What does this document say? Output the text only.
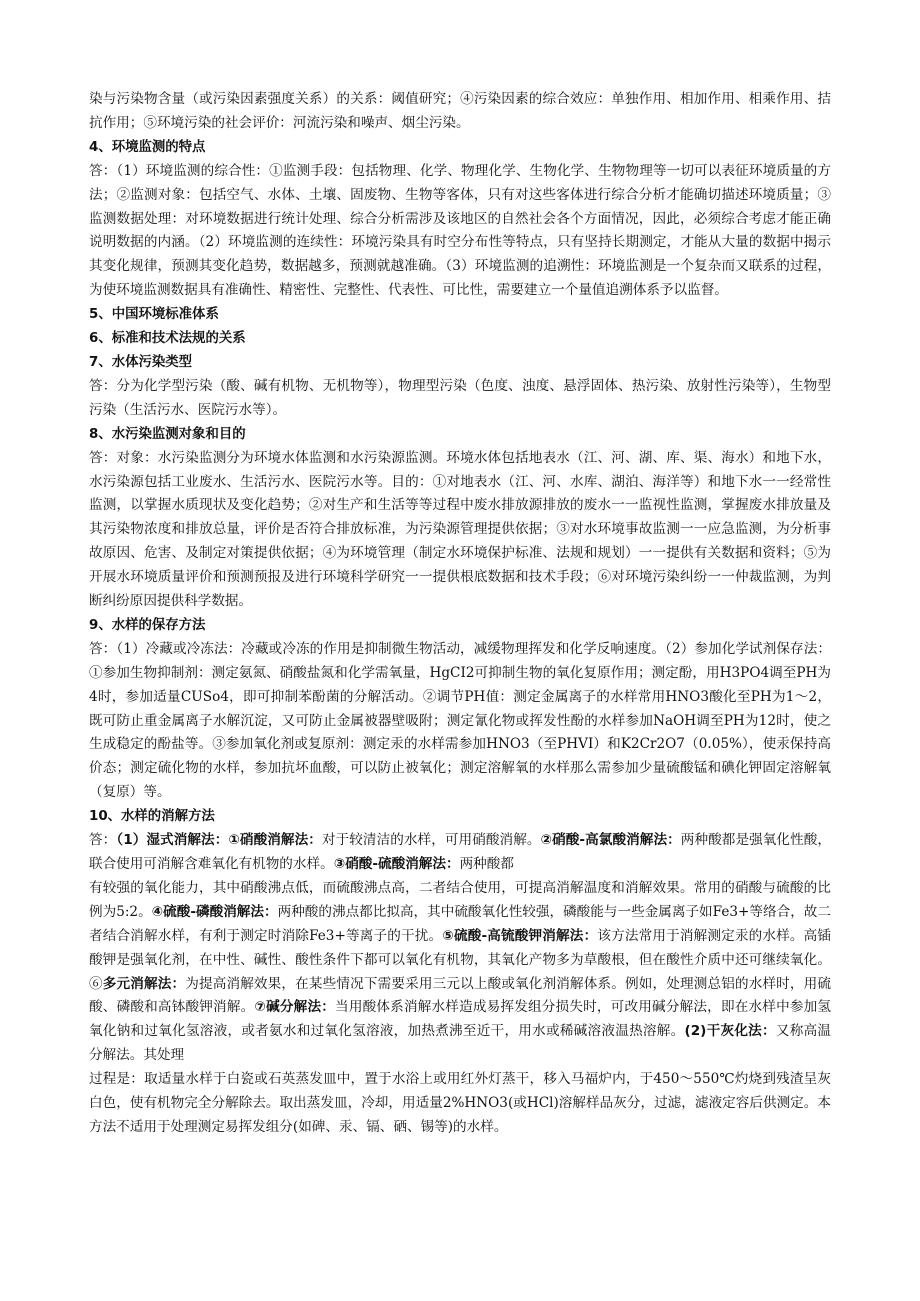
染与污染物含量（或污染因素强度关系）的关系：阈值研究；④污染因素的综合效应：单独作用、相加作用、相乘作用、拮抗作用；⑤环境污染的社会评价：河流污染和噪声、烟尘污染。

4、环境监测的特点

答：（1）环境监测的综合性：①监测手段：包括物理、化学、物理化学、生物化学、生物物理等一切可以表征环境质量的方法；②监测对象：包括空气、水体、土壤、固废物、生物等客体，只有对这些客体进行综合分析才能确切描述环境质量；③监测数据处理：对环境数据进行统计处理、综合分析需涉及该地区的自然社会各个方面情况，因此，必须综合考虑才能正确说明数据的内涵。（2）环境监测的连续性：环境污染具有时空分布性等特点，只有坚持长期测定，才能从大量的数据中揭示其变化规律，预测其变化趋势，数据越多，预测就越准确。（3）环境监测的追溯性：环境监测是一个复杂而又联系的过程，为使环境监测数据具有准确性、精密性、完整性、代表性、可比性，需要建立一个量值追溯体系予以监督。

5、中国环境标准体系
6、标准和技术法规的关系
7、水体污染类型

答：分为化学型污染（酸、碱有机物、无机物等），物理型污染（色度、浊度、悬浮固体、热污染、放射性污染等），生物型污染（生活污水、医院污水等）。

8、水污染监测对象和目的

答：对象：水污染监测分为环境水体监测和水污染源监测。环境水体包括地表水（江、河、湖、库、渠、海水）和地下水，水污染源包括工业废水、生活污水、医院污水等。目的：①对地表水（江、河、水库、湖泊、海洋等）和地下水一一经常性监测，以掌握水质现状及变化趋势；②对生产和生活等等过程中废水排放源排放的废水一一监视性监测，掌握废水排放量及其污染物浓度和排放总量，评价是否符合排放标准，为污染源管理提供依据；③对水环境事故监测一一应急监测，为分析事故原因、危害、及制定对策提供依据；④为环境管理（制定水环境保护标准、法规和规划）一一提供有关数据和资料；⑤为开展水环境质量评价和预测预报及进行环境科学研究一一提供根底数据和技术手段；⑥对环境污染纠纷一一仲裁监测，为判断纠纷原因提供科学数据。

9、水样的保存方法

答：（1）冷藏或冷冻法：冷藏或冷冻的作用是抑制微生物活动，减缓物理挥发和化学反响速度。（2）参加化学试剂保存法：①参加生物抑制剂：测定氨氮、硝酸盐氮和化学需氧量，HgCI2可抑制生物的氧化复原作用；测定酚，用H3PO4调至PH为4时，参加适量CUSo4，即可抑制苯酚菌的分解活动。②调节PH值：测定金属离子的水样常用HNO3酸化至PH为1～2，既可防止重金属离子水解沉淀，又可防止金属被器壁吸附；测定氰化物或挥发性酚的水样参加NaOH调至PH为12时，使之生成稳定的酚盐等。③参加氧化剂或复原剂：测定汞的水样需参加HNO3（至PHVI）和K2Cr2O7（0.05%），使汞保持高价态；测定硫化物的水样，参加抗坏血酸，可以防止被氧化；测定溶解氧的水样那么需参加少量硫酸锰和碘化钾固定溶解氧（复原）等。

10、水样的消解方法

答：（1）湿式消解法：①硝酸消解法：对于较清洁的水样，可用硝酸消解。②硝酸-高氯酸消解法：两种酸都是强氧化性酸，联合使用可消解含难氧化有机物的水样。③硝酸-硫酸消解法：两种酸都

有较强的氧化能力，其中硝酸沸点低，而硫酸沸点高，二者结合使用，可提高消解温度和消解效果。常用的硝酸与硫酸的比例为5:2。④硫酸-磷酸消解法：两种酸的沸点都比拟高，其中硫酸氧化性较强，磷酸能与一些金属离子如Fe3+等络合，故二者结合消解水样，有利于测定时消除Fe3+等离子的干扰。⑤硫酸-高锍酸钾消解法：该方法常用于消解测定汞的水样。高锸酸钾是强氧化剂，在中性、碱性、酸性条件下都可以氧化有机物，其氧化产物多为草酸根，但在酸性介质中还可继续氧化。⑥多元消解法：为提高消解效果，在某些情况下需要采用三元以上酸或氧化剂消解体系。例如，处理测总铝的水样时，用硫酸、磷酸和高钵酸钾消解。⑦碱分解法：当用酸体系消解水样造成易挥发组分损失时，可改用碱分解法，即在水样中参加氢氧化钠和过氧化氢溶液，或者氨水和过氧化氢溶液，加热煮沸至近干，用水或稀碱溶液温热溶解。(2)干灰化法：又称高温分解法。其处理

过程是：取适量水样于白瓷或石英蒸发皿中，置于水浴上或用红外灯蒸干，移入马福炉内，于450～550℃灼烧到残渣呈灰白色，使有机物完全分解除去。取出蒸发皿，冷却，用适量2%HNO3(或HCl)溶解样品灰分，过滤，滤液定容后供测定。本方法不适用于处理测定易挥发组分(如碑、汞、镉、硒、锡等)的水样。
